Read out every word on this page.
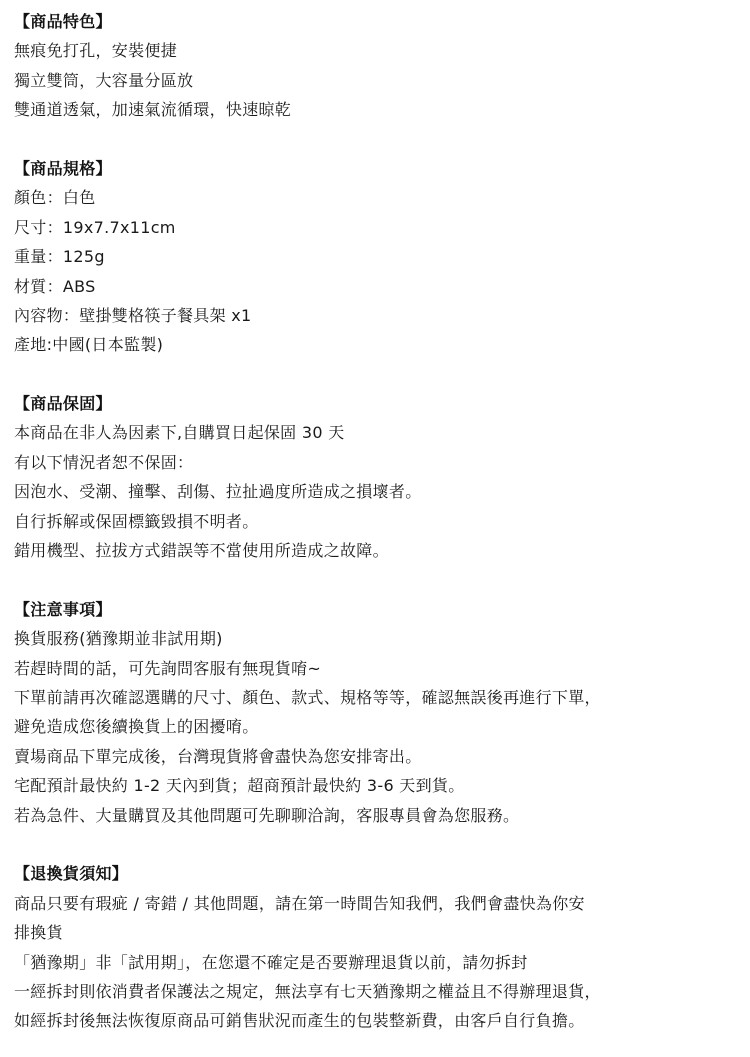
【商品特色】
無痕免打孔，安裝便捷
獨立雙筒，大容量分區放
雙通道透氣，加速氣流循環，快速晾乾
【商品規格】
顏色：白色
尺寸：19x7.7x11cm
重量：125g
材質：ABS
內容物：壁掛雙格筷子餐具架 x1
產地:中國(日本監製)
【商品保固】
本商品在非人為因素下,自購買日起保固 30 天
有以下情況者恕不保固：
因泡水、受潮、撞擊、刮傷、拉扯過度所造成之損壞者。
自行拆解或保固標籤毀損不明者。
錯用機型、拉拔方式錯誤等不當使用所造成之故障。
【注意事項】
換貨服務(猶豫期並非試用期)
若趕時間的話，可先詢問客服有無現貨唷~
下單前請再次確認選購的尺寸、顏色、款式、規格等等，確認無誤後再進行下單，
避免造成您後續換貨上的困擾唷。
賣場商品下單完成後，台灣現貨將會盡快為您安排寄出。
宅配預計最快約 1-2 天內到貨；超商預計最快約 3-6 天到貨。
若為急件、大量購買及其他問題可先聊聊洽詢，客服專員會為您服務。
【退換貨須知】
商品只要有瑕疵 / 寄錯 / 其他問題，請在第一時間告知我們，我們會盡快為你安
排換貨
「猶豫期」非「試用期」，在您還不確定是否要辦理退貨以前，請勿拆封
一經拆封則依消費者保護法之規定，無法享有七天猶豫期之權益且不得辦理退貨，
如經拆封後無法恢復原商品可銷售狀況而產生的包裝整新費，由客戶自行負擔。
